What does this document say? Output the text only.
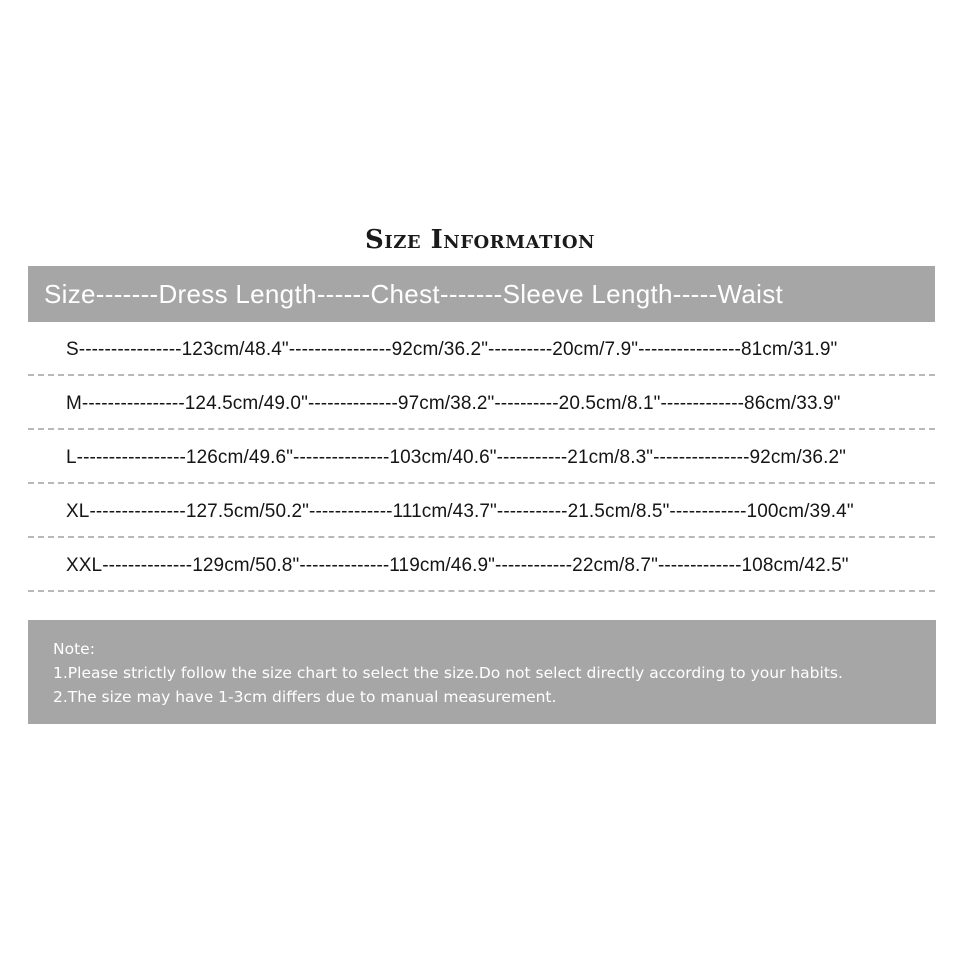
Size Information
Size-------Dress Length------Chest-------Sleeve Length-----Waist
S----------------123cm/48.4"----------------92cm/36.2"----------20cm/7.9"----------------81cm/31.9"
M----------------124.5cm/49.0"--------------97cm/38.2"----------20.5cm/8.1"-------------86cm/33.9"
L-----------------126cm/49.6"---------------103cm/40.6"-----------21cm/8.3"---------------92cm/36.2"
XL---------------127.5cm/50.2"-------------111cm/43.7"-----------21.5cm/8.5"------------100cm/39.4"
XXL--------------129cm/50.8"--------------119cm/46.9"------------22cm/8.7"-------------108cm/42.5"

Note:

1.Please strictly follow the size chart to select the size.Do not select directly according to your habits.

2.The size may have 1-3cm differs due to manual measurement.
